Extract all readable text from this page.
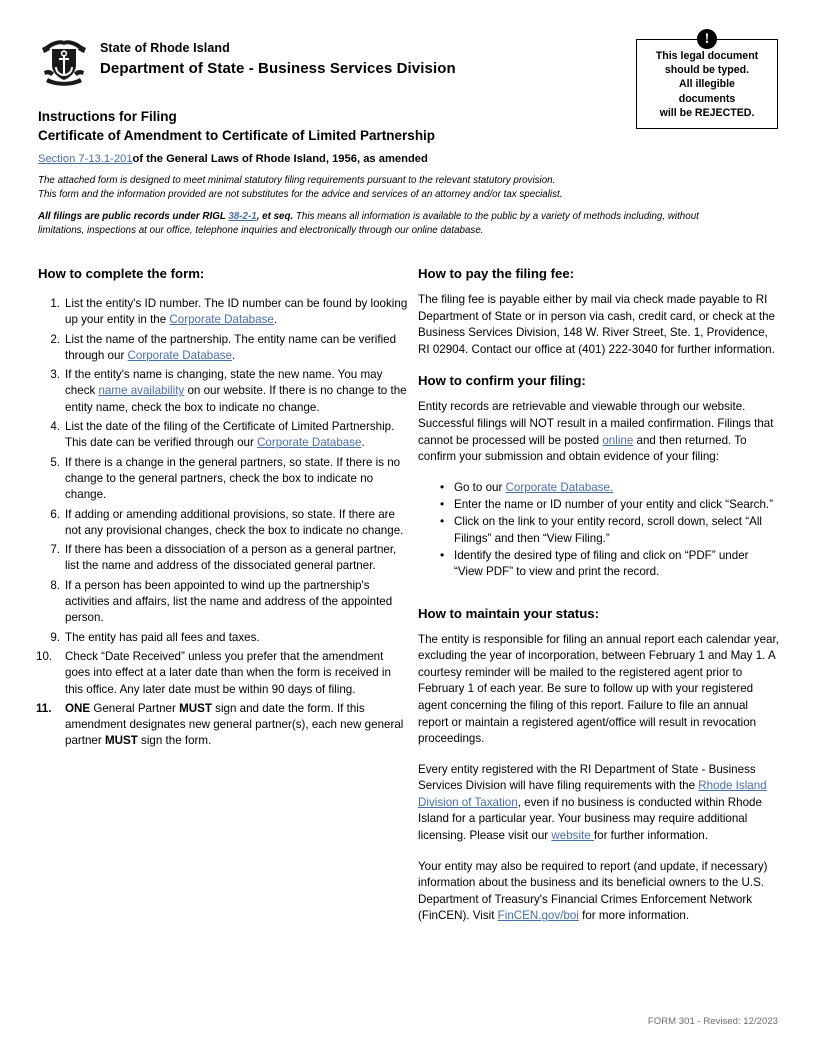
State of Rhode Island
Department of State - Business Services Division
!
This legal document
should be typed.
All illegible
documents
will be REJECTED.
Instructions for Filing
Certificate of Amendment to Certificate of Limited Partnership
Section 7-13.1-201of the General Laws of Rhode Island, 1956, as amended
The attached form is designed to meet minimal statutory filing requirements pursuant to the relevant statutory provision.
This form and the information provided are not substitutes for the advice and services of an attorney and/or tax specialist.
All filings are public records under RIGL 38-2-1, et seq. This means all information is available to the public by a variety of methods including, without limitations, inspections at our office, telephone inquiries and electronically through our online database.
How to complete the form:
List the entity's ID number. The ID number can be found by looking up your entity in the Corporate Database.
List the name of the partnership. The entity name can be verified through our Corporate Database.
If the entity's name is changing, state the new name. You may check name availability on our website. If there is no change to the entity name, check the box to indicate no change.
List the date of the filing of the Certificate of Limited Partnership. This date can be verified through our Corporate Database.
If there is a change in the general partners, so state. If there is no change to the general partners, check the box to indicate no change.
If adding or amending additional provisions, so state. If there are not any provisional changes, check the box to indicate no change.
If there has been a dissociation of a person as a general partner, list the name and address of the dissociated general partner.
If a person has been appointed to wind up the partnership's activities and affairs, list the name and address of the appointed person.
The entity has paid all fees and taxes.
Check “Date Received” unless you prefer that the amendment goes into effect at a later date than when the form is received in this office. Any later date must be within 90 days of filing.
ONE General Partner MUST sign and date the form. If this amendment designates new general partner(s), each new general partner MUST sign the form.
How to pay the filing fee:

The filing fee is payable either by mail via check made payable to RI Department of State or in person via cash, credit card, or check at the Business Services Division, 148 W. River Street, Ste. 1, Providence, RI 02904. Contact our office at (401) 222-3040 for further information.

How to confirm your filing:

Entity records are retrievable and viewable through our website. Successful filings will NOT result in a mailed confirmation. Filings that cannot be processed will be posted online and then returned. To confirm your submission and obtain evidence of your filing:

• Go to our Corporate Database.
• Enter the name or ID number of your entity and click “Search.”
• Click on the link to your entity record, scroll down, select “All Filings” and then “View Filing.”
• Identify the desired type of filing and click on “PDF” under “View PDF” to view and print the record.
How to maintain your status:

The entity is responsible for filing an annual report each calendar year, excluding the year of incorporation, between February 1 and May 1. A courtesy reminder will be mailed to the registered agent prior to February 1 of each year. Be sure to follow up with your registered agent concerning the filing of this report. Failure to file an annual report or maintain a registered agent/office will result in revocation proceedings.

Every entity registered with the RI Department of State - Business Services Division will have filing requirements with the Rhode Island Division of Taxation, even if no business is conducted within Rhode Island for a particular year. Your business may require additional licensing. Please visit our website for further information.

Your entity may also be required to report (and update, if necessary) information about the business and its beneficial owners to the U.S. Department of Treasury's Financial Crimes Enforcement Network (FinCEN). Visit FinCEN.gov/boi for more information.

FORM 301 - Revised: 12/2023
